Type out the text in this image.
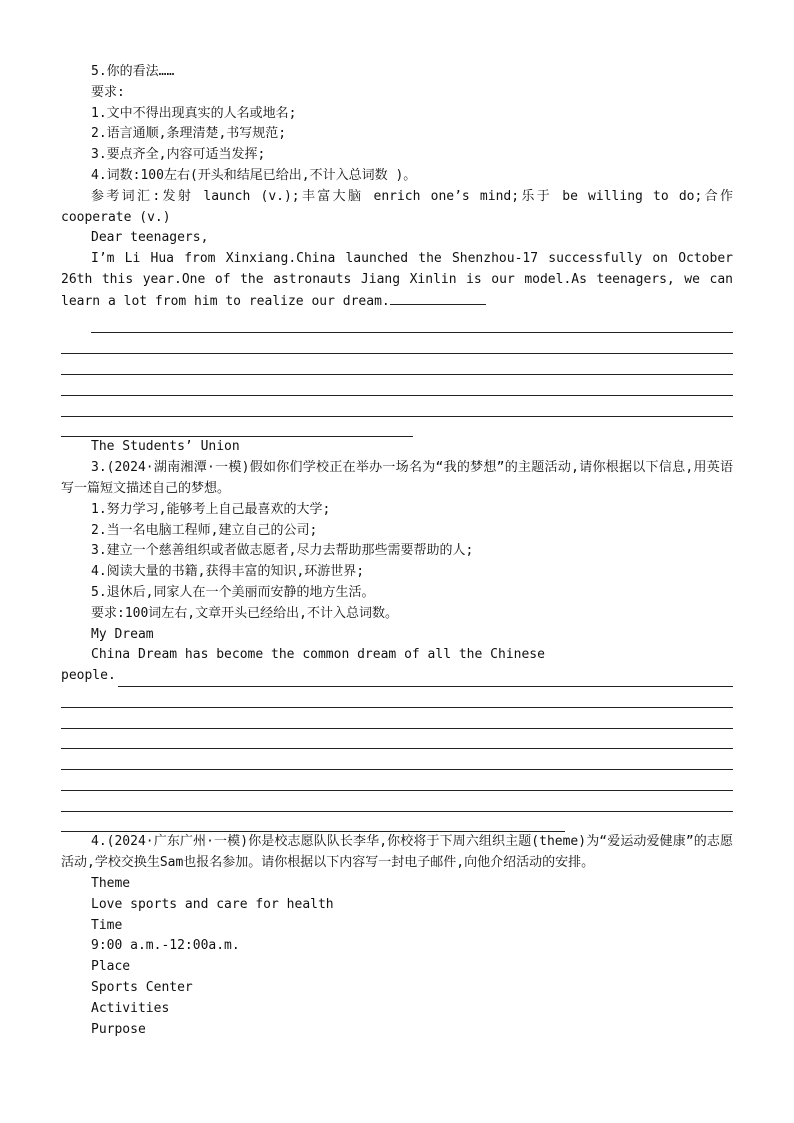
5.你的看法……

要求:

1.文中不得出现真实的人名或地名;

2.语言通顺,条理清楚,书写规范;

3.要点齐全,内容可适当发挥;

4.词数:100左右(开头和结尾已给出,不计入总词数 )。

参考词汇:发射 launch (v.);丰富大脑 enrich one’s mind;乐于 be willing to do;合作 cooperate (v.)

Dear teenagers,

I’m Li Hua from Xinxiang.China launched the Shenzhou-17 successfully on October 26th this year.One of the astronauts Jiang Xinlin is our model.As teenagers, we can learn a lot from him to realize our dream.

The Students’ Union

3.(2024·湖南湘潭·一模)假如你们学校正在举办一场名为“我的梦想”的主题活动,请你根据以下信息,用英语写一篇短文描述自己的梦想。

1.努力学习,能够考上自己最喜欢的大学;

2.当一名电脑工程师,建立自己的公司;

3.建立一个慈善组织或者做志愿者,尽力去帮助那些需要帮助的人;

4.阅读大量的书籍,获得丰富的知识,环游世界;

5.退休后,同家人在一个美丽而安静的地方生活。

要求:100词左右,文章开头已经给出,不计入总词数。

My Dream

China Dream has become the common dream of all the Chinese

people.

4.(2024·广东广州·一模)你是校志愿队队长李华,你校将于下周六组织主题(theme)为“爱运动爱健康”的志愿活动,学校交换生Sam也报名参加。请你根据以下内容写一封电子邮件,向他介绍活动的安排。

Theme

Love sports and care for health

Time

9:00 a.m.-12:00a.m.

Place

Sports Center

Activities

Purpose
